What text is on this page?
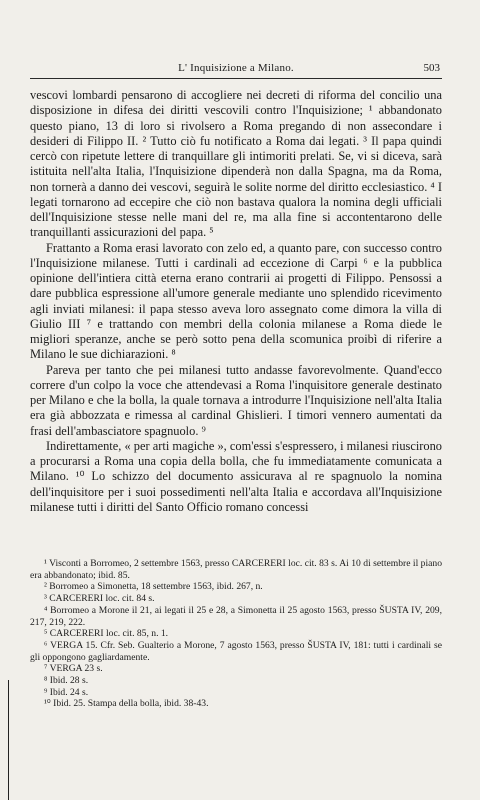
L' Inquisizione a Milano.	503

vescovi lombardi pensarono di accogliere nei decreti di riforma del concilio una disposizione in difesa dei diritti vescovili contro l'Inquisizione; ¹ abbandonato questo piano, 13 di loro si rivolsero a Roma pregando di non assecondare i desideri di Filippo II. ² Tutto ciò fu notificato a Roma dai legati. ³ Il papa quindi cercò con ripetute lettere di tranquillare gli intimoriti prelati. Se, vi si diceva, sarà istituita nell'alta Italia, l'Inquisizione dipenderà non dalla Spagna, ma da Roma, non tornerà a danno dei vescovi, seguirà le solite norme del diritto ecclesiastico. ⁴ I legati tornarono ad eccepire che ciò non bastava qualora la nomina degli ufficiali dell'Inquisizione stesse nelle mani del re, ma alla fine si accontentarono delle tranquillanti assicurazioni del papa. ⁵

Frattanto a Roma erasi lavorato con zelo ed, a quanto pare, con successo contro l'Inquisizione milanese. Tutti i cardinali ad eccezione di Carpi ⁶ e la pubblica opinione dell'intiera città eterna erano contrarii ai progetti di Filippo. Pensossi a dare pubblica espressione all'umore generale mediante uno splendido ricevimento agli inviati milanesi: il papa stesso aveva loro assegnato come dimora la villa di Giulio III ⁷ e trattando con membri della colonia milanese a Roma diede le migliori speranze, anche se però sotto pena della scomunica proibì di riferire a Milano le sue dichiarazioni. ⁸

Pareva per tanto che pei milanesi tutto andasse favorevolmente. Quand'ecco correre d'un colpo la voce che attendevasi a Roma l'inquisitore generale destinato per Milano e che la bolla, la quale tornava a introdurre l'Inquisizione nell'alta Italia era già abbozzata e rimessa al cardinal Ghislieri. I timori vennero aumentati da frasi dell'ambasciatore spagnuolo. ⁹

Indirettamente, « per arti magiche », com'essi s'espressero, i milanesi riuscirono a procurarsi a Roma una copia della bolla, che fu immediatamente comunicata a Milano. ¹⁰ Lo schizzo del documento assicurava al re spagnuolo la nomina dell'inquisitore per i suoi possedimenti nell'alta Italia e accordava all'Inquisizione milanese tutti i diritti del Santo Officio romano concessi

¹ Visconti a Borromeo, 2 settembre 1563, presso CARCERERI loc. cit. 83 s. Ai 10 di settembre il piano era abbandonato; ibid. 85.

² Borromeo a Simonetta, 18 settembre 1563, ibid. 267, n.

³ CARCERERI loc. cit. 84 s.

⁴ Borromeo a Morone il 21, ai legati il 25 e 28, a Simonetta il 25 agosto 1563, presso ŠUSTA IV, 209, 217, 219, 222.

⁵ CARCERERI loc. cit. 85, n. 1.

⁶ VERGA 15. Cfr. Seb. Gualterio a Morone, 7 agosto 1563, presso ŠUSTA IV, 181: tutti i cardinali se gli oppongono gagliardamente.

⁷ VERGA 23 s.

⁸ Ibid. 28 s.

⁹ Ibid. 24 s.

¹⁰ Ibid. 25. Stampa della bolla, ibid. 38-43.
